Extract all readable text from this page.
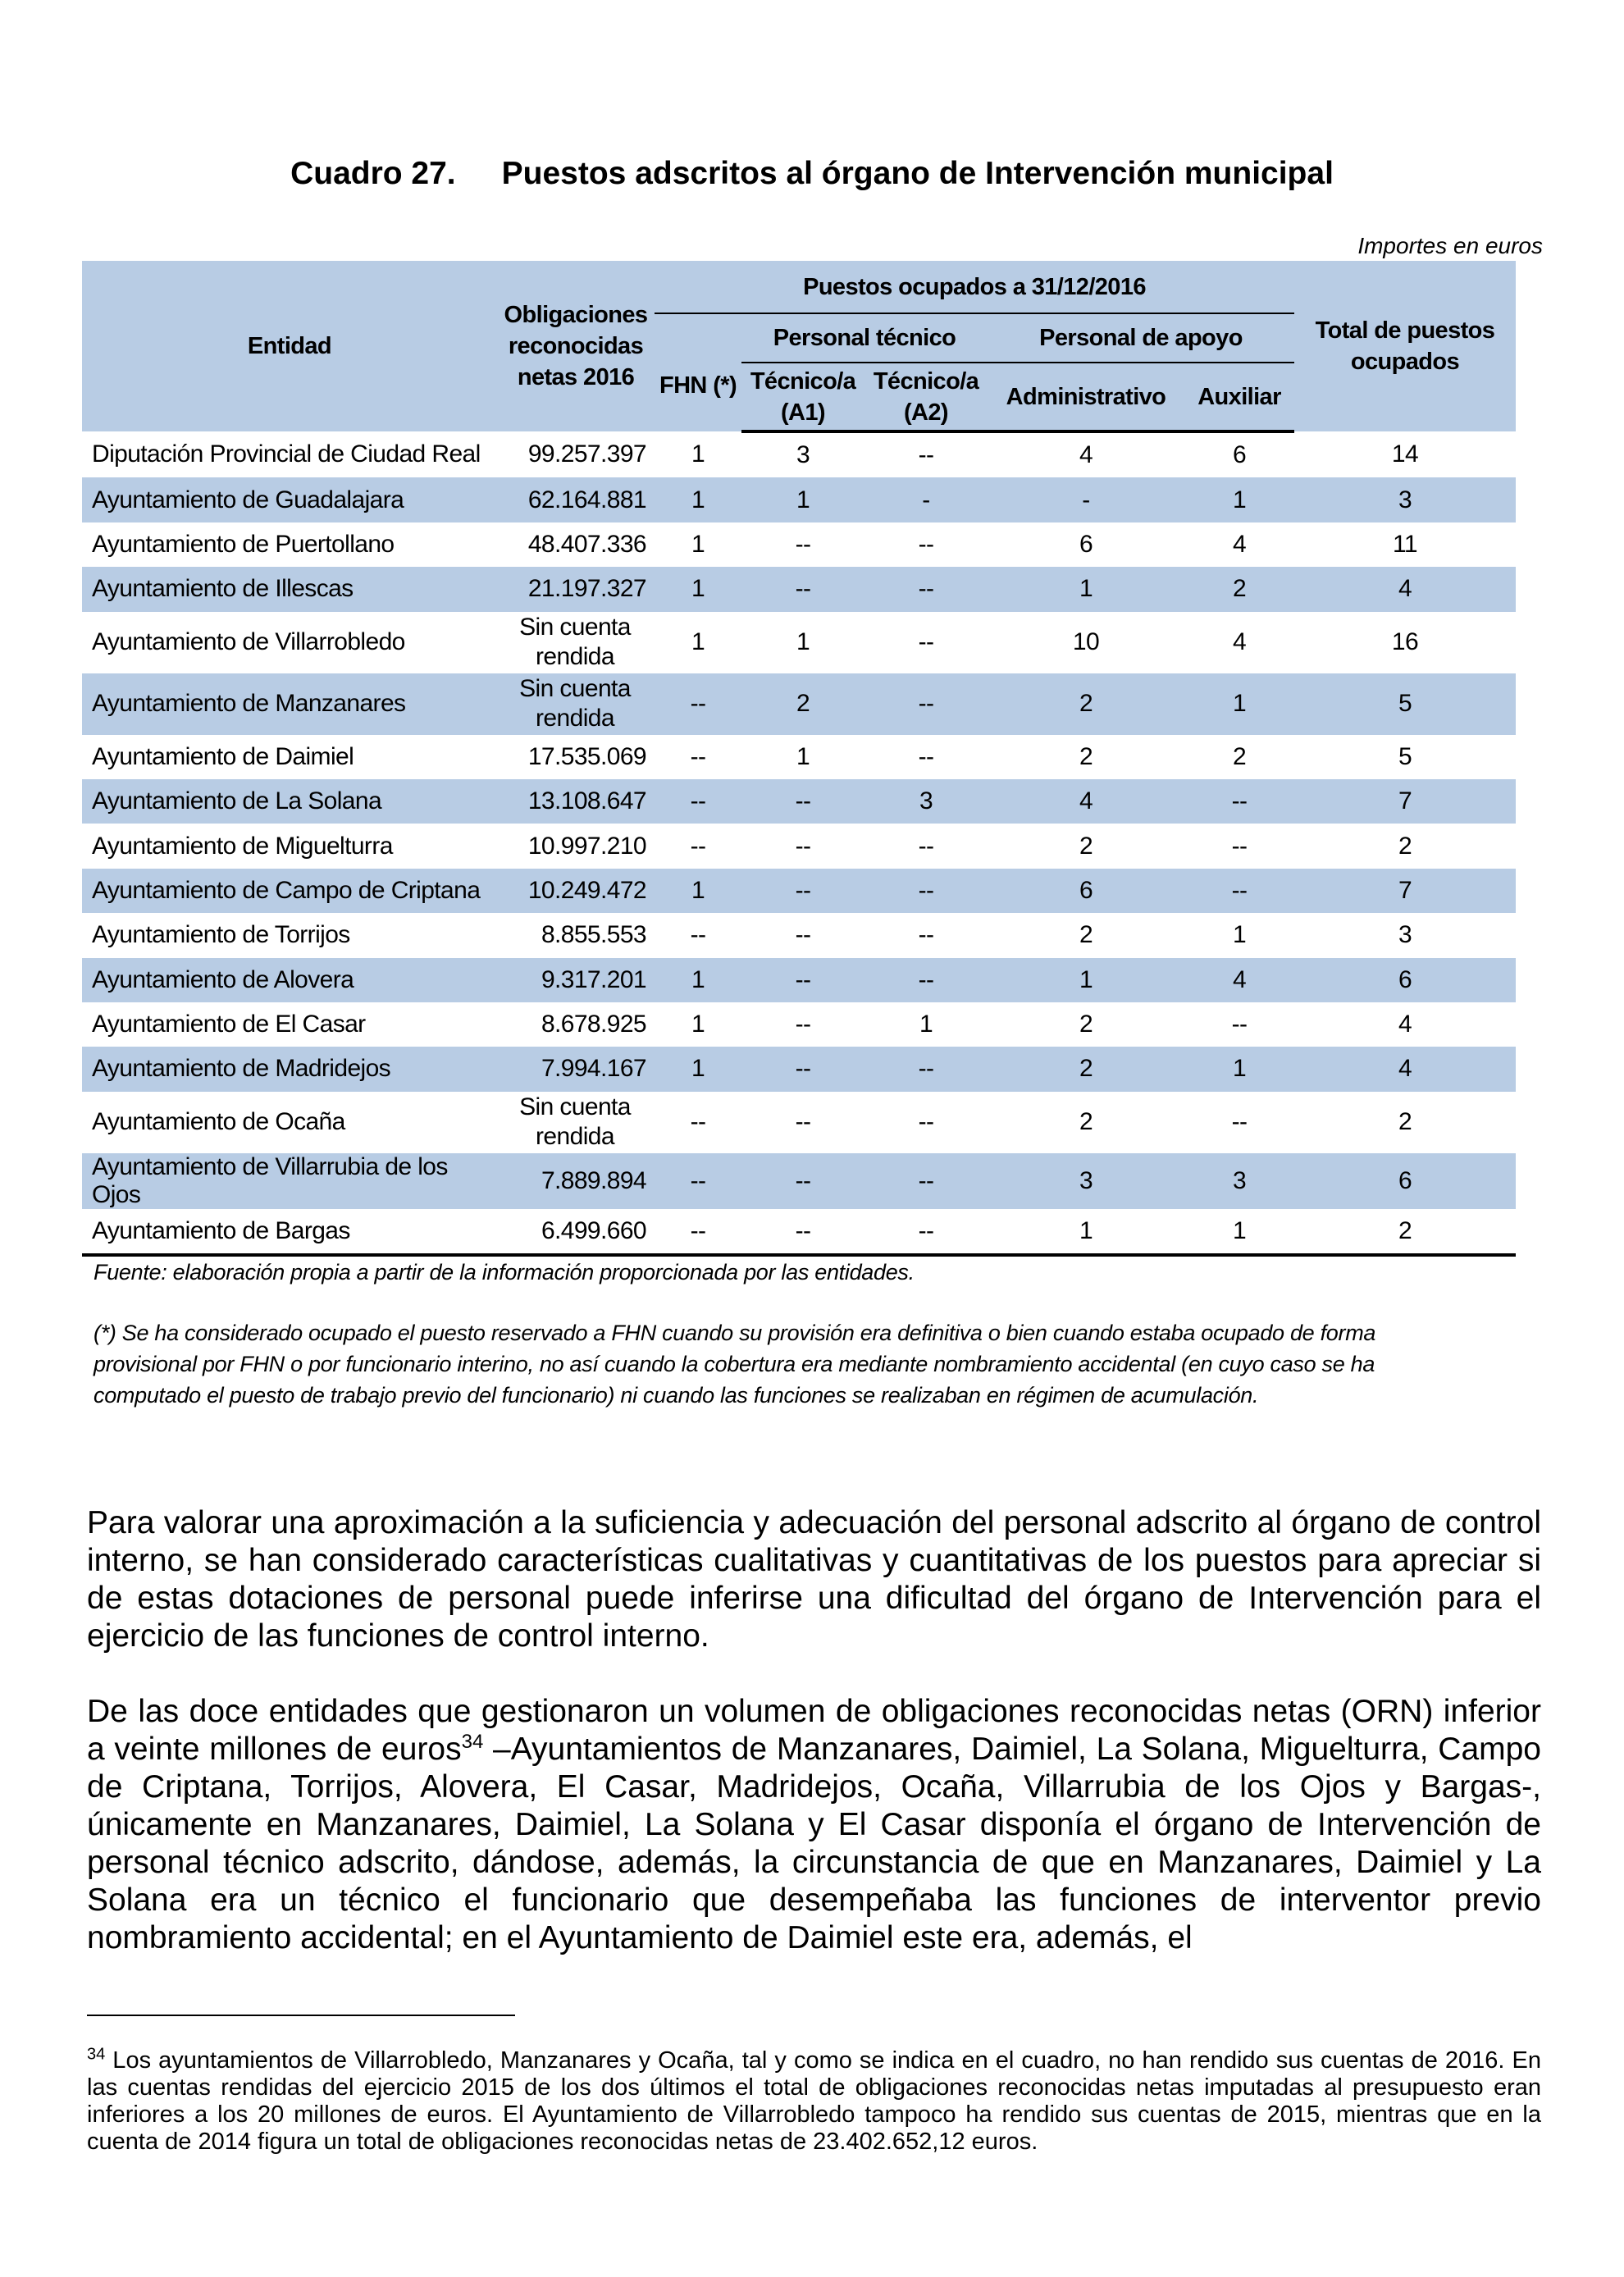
Cuadro 27. Puestos adscritos al órgano de Intervención municipal
Importes en euros
Entidad	Obligaciones reconocidas netas 2016	Puestos ocupados a 31/12/2016					Total de puestos ocupados
		FHN (*)	Personal técnico		Personal de apoyo		
			Técnico/a (A1)	Técnico/a (A2)	Administrativo	Auxiliar	
Diputación Provincial de Ciudad Real	99.257.397	1	3	--	4	6	14
Ayuntamiento de Guadalajara	62.164.881	1	1	-	-	1	3
Ayuntamiento de Puertollano	48.407.336	1	--	--	6	4	11
Ayuntamiento de Illescas	21.197.327	1	--	--	1	2	4
Ayuntamiento de Villarrobledo	Sin cuenta rendida	1	1	--	10	4	16
Ayuntamiento de Manzanares	Sin cuenta rendida	--	2	--	2	1	5
Ayuntamiento de Daimiel	17.535.069	--	1	--	2	2	5
Ayuntamiento de La Solana	13.108.647	--	--	3	4	--	7
Ayuntamiento de Miguelturra	10.997.210	--	--	--	2	--	2
Ayuntamiento de Campo de Criptana	10.249.472	1	--	--	6	--	7
Ayuntamiento de Torrijos	8.855.553	--	--	--	2	1	3
Ayuntamiento de Alovera	9.317.201	1	--	--	1	4	6
Ayuntamiento de El Casar	8.678.925	1	--	1	2	--	4
Ayuntamiento de Madridejos	7.994.167	1	--	--	2	1	4
Ayuntamiento de Ocaña	Sin cuenta rendida	--	--	--	2	--	2
Ayuntamiento de Villarrubia de los Ojos	7.889.894	--	--	--	3	3	6
Ayuntamiento de Bargas	6.499.660	--	--	--	1	1	2
Fuente: elaboración propia a partir de la información proporcionada por las entidades.
(*) Se ha considerado ocupado el puesto reservado a FHN cuando su provisión era definitiva o bien cuando estaba ocupado de forma provisional por FHN o por funcionario interino, no así cuando la cobertura era mediante nombramiento accidental (en cuyo caso se ha computado el puesto de trabajo previo del funcionario) ni cuando las funciones se realizaban en régimen de acumulación.

Para valorar una aproximación a la suficiencia y adecuación del personal adscrito al órgano de control interno, se han considerado características cualitativas y cuantitativas de los puestos para apreciar si de estas dotaciones de personal puede inferirse una dificultad del órgano de Intervención para el ejercicio de las funciones de control interno.

De las doce entidades que gestionaron un volumen de obligaciones reconocidas netas (ORN) inferior a veinte millones de euros$^{34}$ –Ayuntamientos de Manzanares, Daimiel, La Solana, Miguelturra, Campo de Criptana, Torrijos, Alovera, El Casar, Madridejos, Ocaña, Villarrubia de los Ojos y Bargas-, únicamente en Manzanares, Daimiel, La Solana y El Casar disponía el órgano de Intervención de personal técnico adscrito, dándose, además, la circunstancia de que en Manzanares, Daimiel y La Solana era un técnico el funcionario que desempeñaba las funciones de interventor previo nombramiento accidental; en el Ayuntamiento de Daimiel este era, además, el

$^{34}$ Los ayuntamientos de Villarrobledo, Manzanares y Ocaña, tal y como se indica en el cuadro, no han rendido sus cuentas de 2016. En las cuentas rendidas del ejercicio 2015 de los dos últimos el total de obligaciones reconocidas netas imputadas al presupuesto eran inferiores a los 20 millones de euros. El Ayuntamiento de Villarrobledo tampoco ha rendido sus cuentas de 2015, mientras que en la cuenta de 2014 figura un total de obligaciones reconocidas netas de 23.402.652,12 euros.
